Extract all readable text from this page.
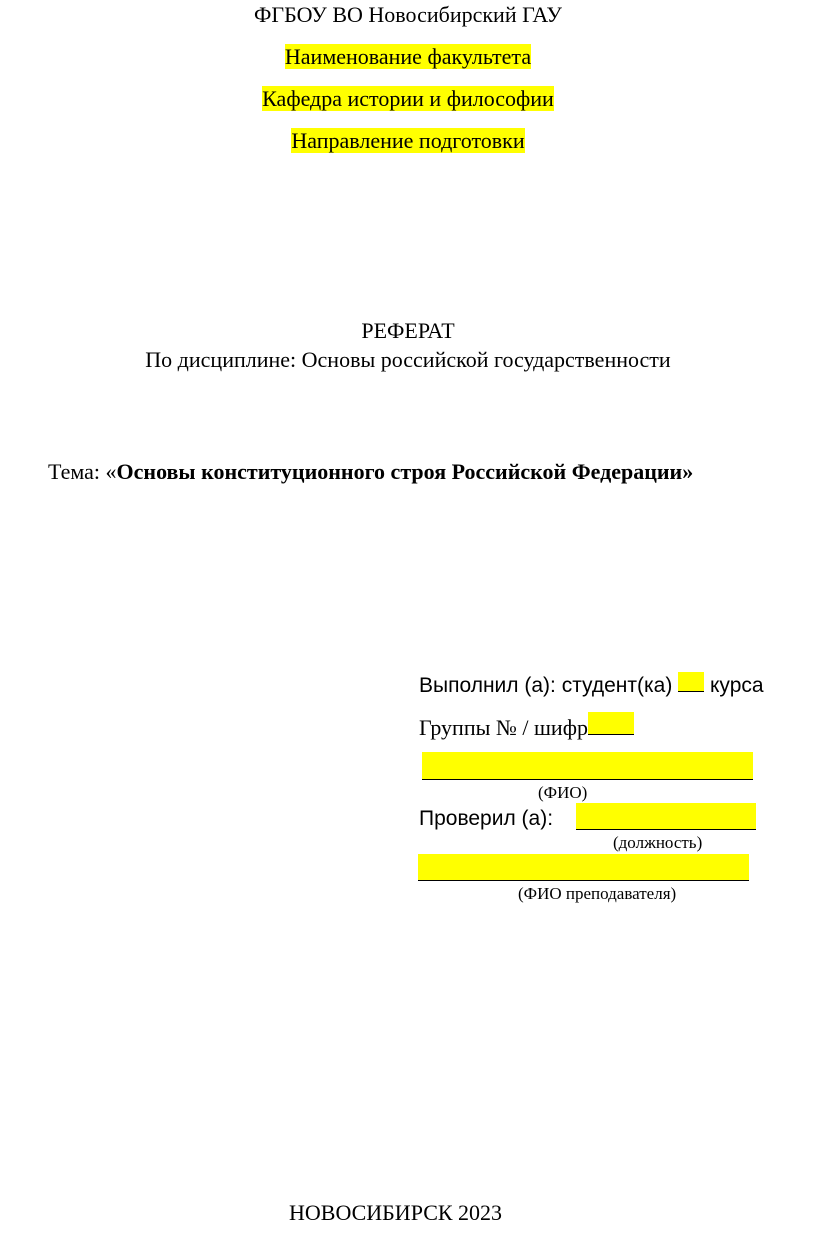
ФГБОУ ВО Новосибирский ГАУ
Наименование факультета
Кафедра истории и философии
Направление подготовки
РЕФЕРАТ
По дисциплине: Основы российской государственности
Тема: «Основы конституционного строя Российской Федерации»
Выполнил (а): студент(ка) курса
Группы № / шифр
(ФИО)
Проверил (а):
(должность)
(ФИО преподавателя)
НОВОСИБИРСК 2023
